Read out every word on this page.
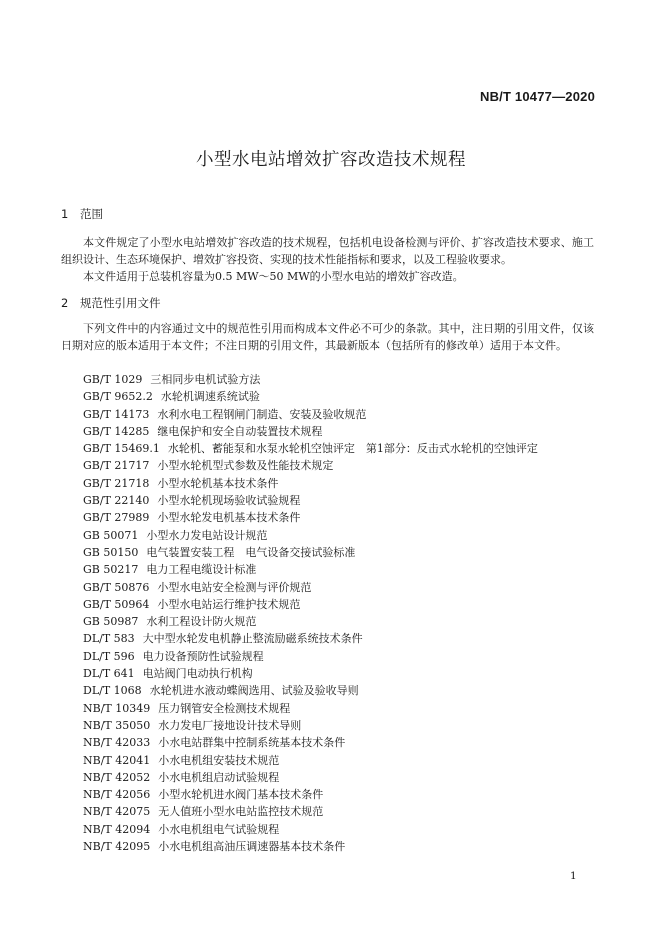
NB/T 10477—2020
小型水电站增效扩容改造技术规程
1 范围

本文件规定了小型水电站增效扩容改造的技术规程，包括机电设备检测与评价、扩容改造技术要求、施工组织设计、生态环境保护、增效扩容投资、实现的技术性能指标和要求，以及工程验收要求。

本文件适用于总装机容量为0.5 MW～50 MW的小型水电站的增效扩容改造。

2 规范性引用文件

下列文件中的内容通过文中的规范性引用而构成本文件必不可少的条款。其中，注日期的引用文件，仅该日期对应的版本适用于本文件；不注日期的引用文件，其最新版本（包括所有的修改单）适用于本文件。

GB/T 1029 三相同步电机试验方法
GB/T 9652.2 水轮机调速系统试验
GB/T 14173 水利水电工程钢闸门制造、安装及验收规范
GB/T 14285 继电保护和安全自动装置技术规程
GB/T 15469.1 水轮机、蓄能泵和水泵水轮机空蚀评定　第1部分：反击式水轮机的空蚀评定
GB/T 21717 小型水轮机型式参数及性能技术规定
GB/T 21718 小型水轮机基本技术条件
GB/T 22140 小型水轮机现场验收试验规程
GB/T 27989 小型水轮发电机基本技术条件
GB 50071 小型水力发电站设计规范
GB 50150 电气装置安装工程　电气设备交接试验标准
GB 50217 电力工程电缆设计标准
GB/T 50876 小型水电站安全检测与评价规范
GB/T 50964 小型水电站运行维护技术规范
GB 50987 水利工程设计防火规范
DL/T 583 大中型水轮发电机静止整流励磁系统技术条件
DL/T 596 电力设备预防性试验规程
DL/T 641 电站阀门电动执行机构
DL/T 1068 水轮机进水液动蝶阀选用、试验及验收导则
NB/T 10349 压力钢管安全检测技术规程
NB/T 35050 水力发电厂接地设计技术导则
NB/T 42033 小水电站群集中控制系统基本技术条件
NB/T 42041 小水电机组安装技术规范
NB/T 42052 小水电机组启动试验规程
NB/T 42056 小型水轮机进水阀门基本技术条件
NB/T 42075 无人值班小型水电站监控技术规范
NB/T 42094 小水电机组电气试验规程
NB/T 42095 小水电机组高油压调速器基本技术条件
1
